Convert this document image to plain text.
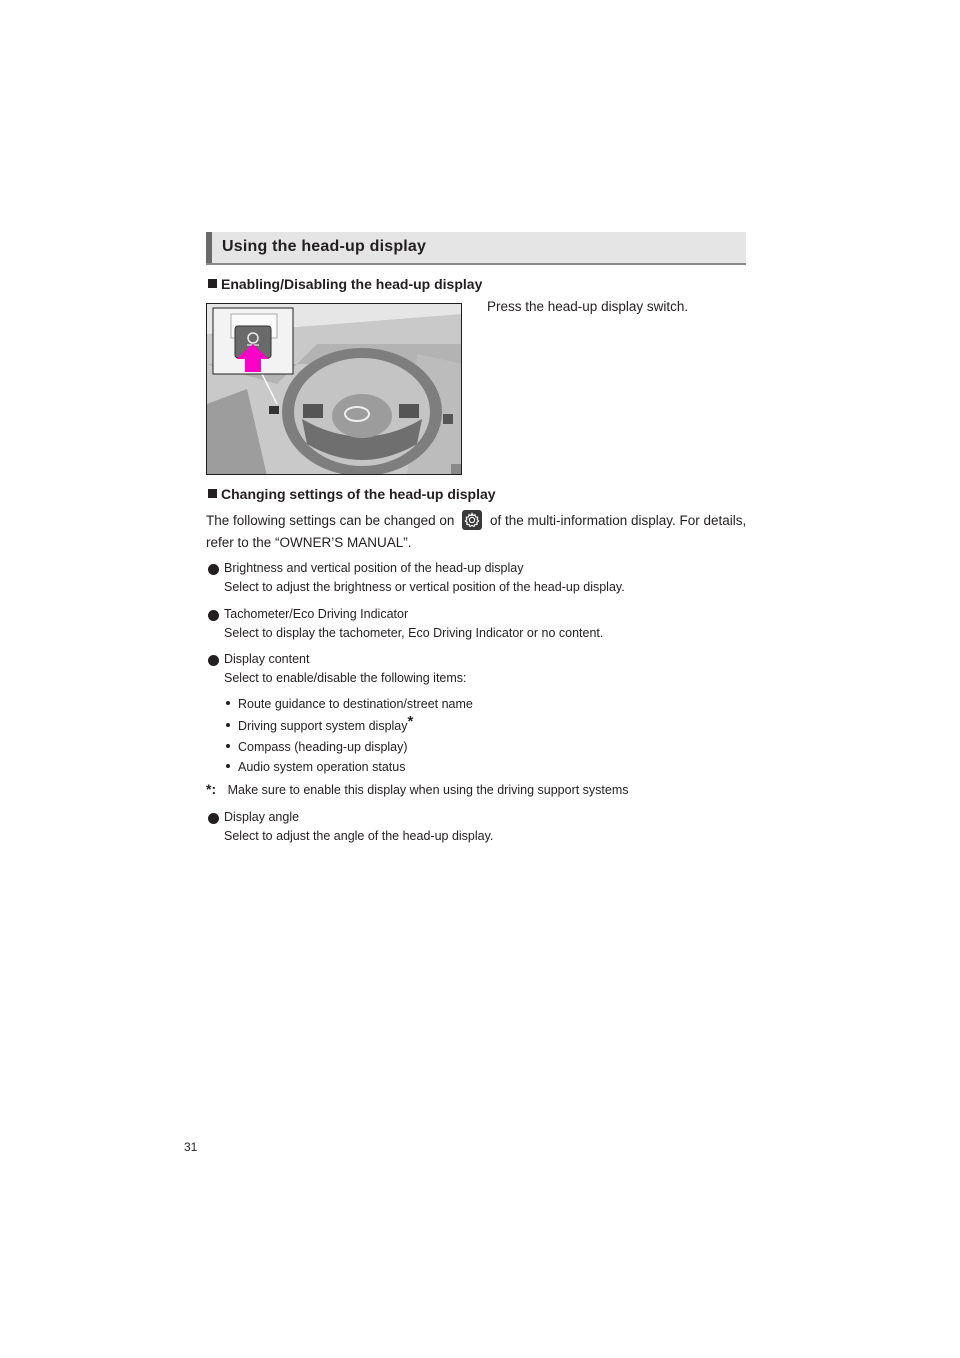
Using the head-up display
Enabling/Disabling the head-up display
Press the head-up display switch.
Changing settings of the head-up display
The following settings can be changed on	of the multi-information display. For details,
refer to the “OWNER’S MANUAL”.
Brightness and vertical position of the head-up display
Select to adjust the brightness or vertical position of the head-up display.
Tachometer/Eco Driving Indicator
Select to display the tachometer, Eco Driving Indicator or no content.
Display content
Select to enable/disable the following items:
Route guidance to destination/street name
Driving support system display*
Compass (heading-up display)
Audio system operation status
*: Make sure to enable this display when using the driving support systems
Display angle
Select to adjust the angle of the head-up display.
31
